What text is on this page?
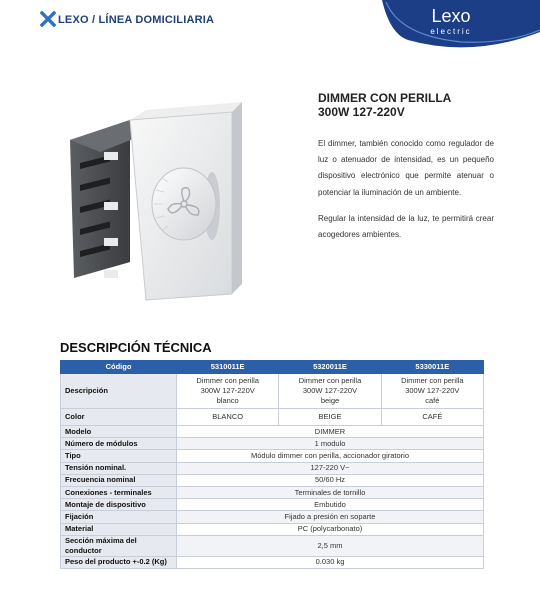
LEXO / LÍNEA DOMICILIARIA	Lexo
electric
DIMMER CON PERILLA
300W 127-220V

El dimmer, también conocido como regulador de luz o atenuador de intensidad, es un pequeño dispositivo electrónico que permite atenuar o potenciar la iluminación de un ambiente.

Regular la intensidad de la luz, te permitirá crear acogedores ambientes.

DESCRIPCIÓN TÉCNICA
Código	5310011E	5320011E	5330011E
Descripción	Dimmer con perilla
300W 127-220V
blanco	Dimmer con perilla
300W 127-220V
beige	Dimmer con perilla
300W 127-220V
café

Color	BLANCO	BEIGE	CAFÉ
Modelo	DIMMER		
Número de módulos	1 modulo		
Tipo	Módulo dimmer con perilla, accionador giratorio		
Tensión nominal.	127-220 V~		
Frecuencia nominal	50/60 Hz		
Conexiones - terminales	Terminales de tornillo		
Montaje de dispositivo	Embutido		
Fijación	Fijado a presión en soparte		
Material	PC (polycarbonato)		
Sección máxima del conductor	2,5 mm		
Peso del producto +-0.2 (Kg)	0.030 kg		
